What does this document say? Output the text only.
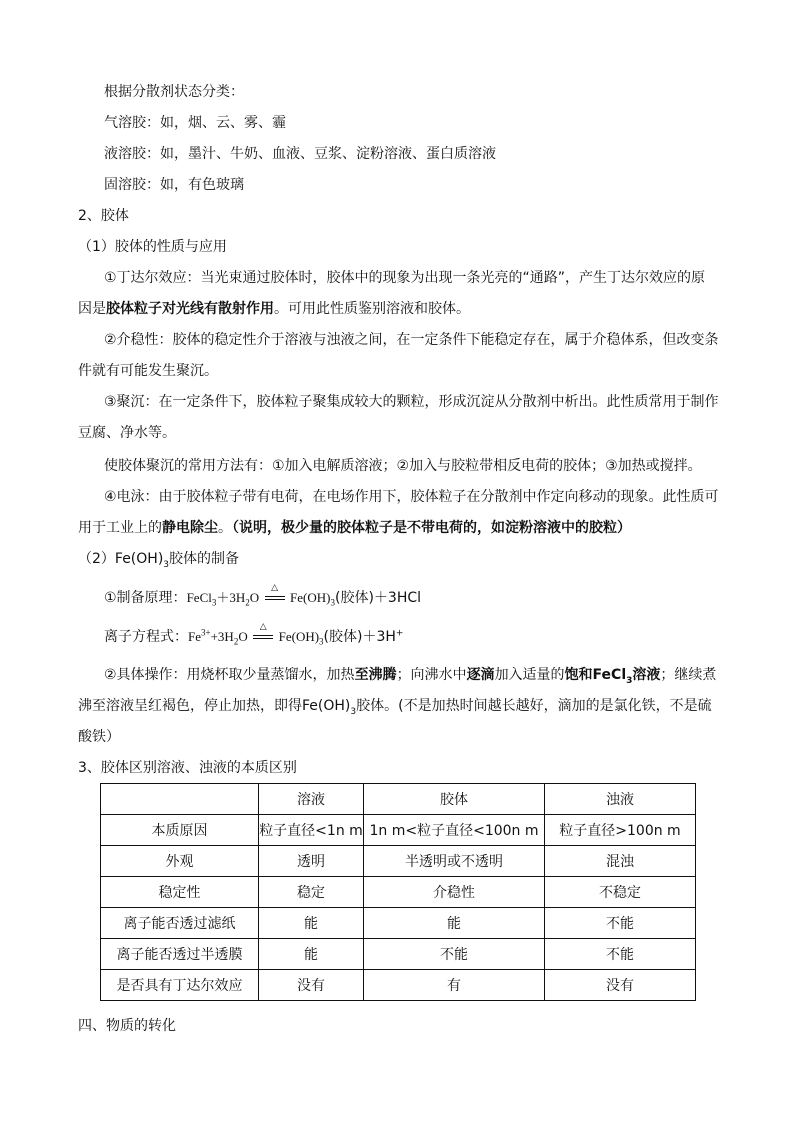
根据分散剂状态分类：
气溶胶：如，烟、云、雾、霾
液溶胶：如，墨汁、牛奶、血液、豆浆、淀粉溶液、蛋白质溶液
固溶胶：如，有色玻璃
2、胶体
（1）胶体的性质与应用
①丁达尔效应：当光束通过胶体时，胶体中的现象为出现一条光亮的“通路”，产生丁达尔效应的原
因是胶体粒子对光线有散射作用。可用此性质鉴别溶液和胶体。
②介稳性：胶体的稳定性介于溶液与浊液之间，在一定条件下能稳定存在，属于介稳体系，但改变条
件就有可能发生聚沉。
③聚沉：在一定条件下，胶体粒子聚集成较大的颗粒，形成沉淀从分散剂中析出。此性质常用于制作
豆腐、净水等。
使胶体聚沉的常用方法有：①加入电解质溶液；②加入与胶粒带相反电荷的胶体；③加热或搅拌。
④电泳：由于胶体粒子带有电荷，在电场作用下，胶体粒子在分散剂中作定向移动的现象。此性质可
用于工业上的静电除尘。（说明，极少量的胶体粒子是不带电荷的，如淀粉溶液中的胶粒）
$(2)Fe(OH)_3$胶体的制备
①制备原理：$FeCl_3+3H_2O$
△
$Fe(OH)_3$(胶体)＋3HCl
离子方程式：$Fe^{3+}+3H_2O$
△
$Fe(OH)_3$(胶体)＋3H+
②具体操作：用烧杯取少量蒸馏水，加热至沸腾；向沸水中逐滴加入适量的饱和FeCl$_3$溶液；继续煮
沸至溶液呈红褐色，停止加热，即得$Fe(OH)_3$胶体。(不是加热时间越长越好，滴加的是氯化铁，不是硫
酸铁）
3、胶体区别溶液、浊液的本质区别
	溶液	胶体	浊液
本质原因	粒子直径<1n m	1n m<粒子直径<100n m	粒子直径>100n m
外观	透明	半透明或不透明	混浊
稳定性	稳定	介稳性	不稳定
离子能否透过滤纸	能	能	不能
离子能否透过半透膜	能	不能	不能
是否具有丁达尔效应	没有	有	没有
四、物质的转化
